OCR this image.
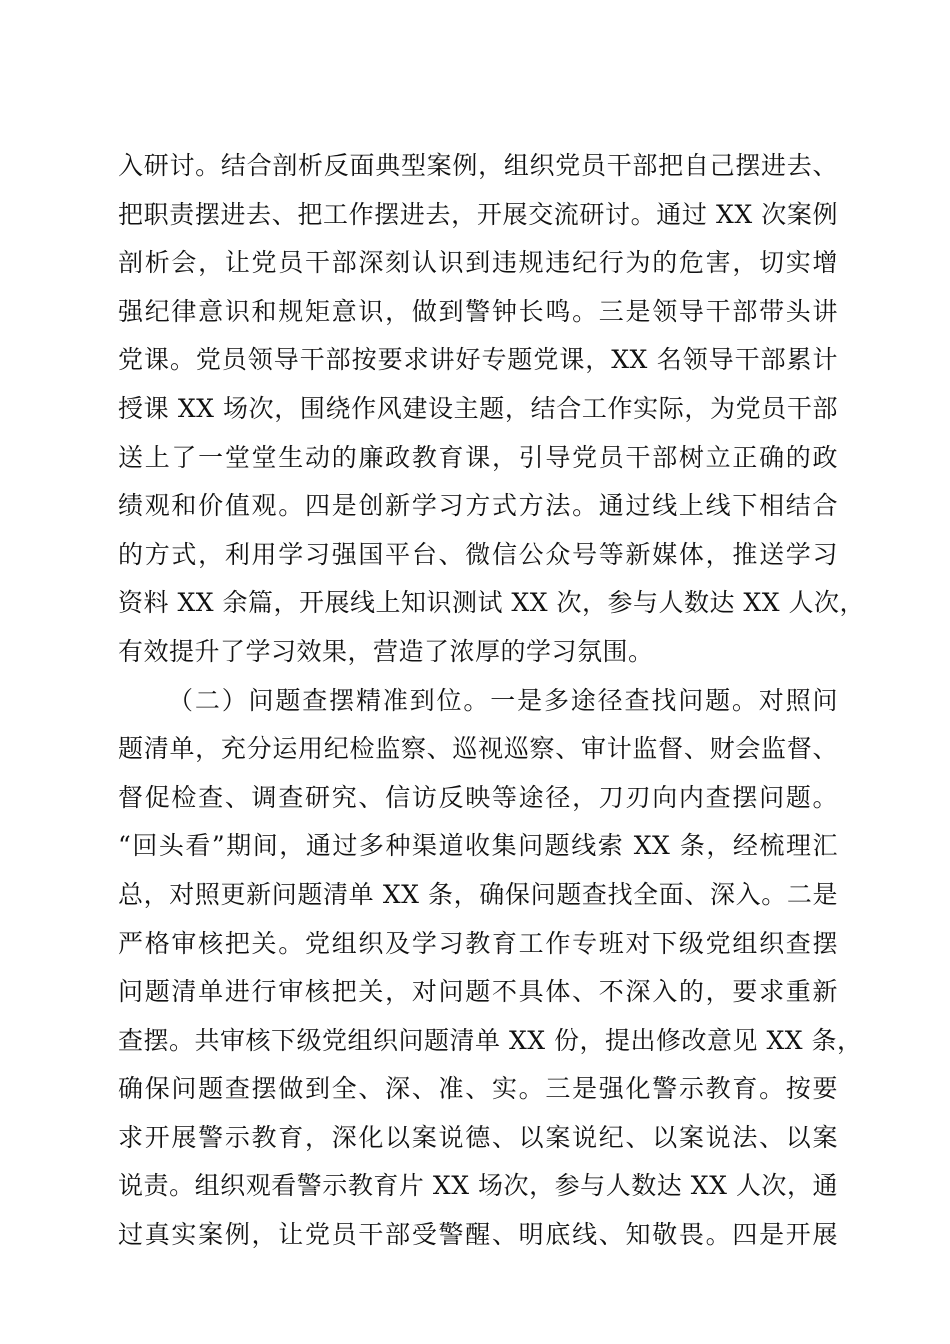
入研讨。结合剖析反面典型案例，组织党员干部把自己摆进去、
把职责摆进去、把工作摆进去，开展交流研讨。通过 XX 次案例
剖析会，让党员干部深刻认识到违规违纪行为的危害，切实增
强纪律意识和规矩意识，做到警钟长鸣。三是领导干部带头讲
党课。党员领导干部按要求讲好专题党课，XX 名领导干部累计
授课 XX 场次，围绕作风建设主题，结合工作实际，为党员干部
送上了一堂堂生动的廉政教育课，引导党员干部树立正确的政
绩观和价值观。四是创新学习方式方法。通过线上线下相结合
的方式，利用学习强国平台、微信公众号等新媒体，推送学习
资料 XX 余篇，开展线上知识测试 XX 次，参与人数达 XX 人次，
有效提升了学习效果，营造了浓厚的学习氛围。
（二）问题查摆精准到位。一是多途径查找问题。对照问
题清单，充分运用纪检监察、巡视巡察、审计监督、财会监督、
督促检查、调查研究、信访反映等途径，刀刃向内查摆问题。
“回头看”期间，通过多种渠道收集问题线索 XX 条，经梳理汇
总，对照更新问题清单 XX 条，确保问题查找全面、深入。二是
严格审核把关。党组织及学习教育工作专班对下级党组织查摆
问题清单进行审核把关，对问题不具体、不深入的，要求重新
查摆。共审核下级党组织问题清单 XX 份，提出修改意见 XX 条，
确保问题查摆做到全、深、准、实。三是强化警示教育。按要
求开展警示教育，深化以案说德、以案说纪、以案说法、以案
说责。组织观看警示教育片 XX 场次，参与人数达 XX 人次，通
过真实案例，让党员干部受警醒、明底线、知敬畏。四是开展
